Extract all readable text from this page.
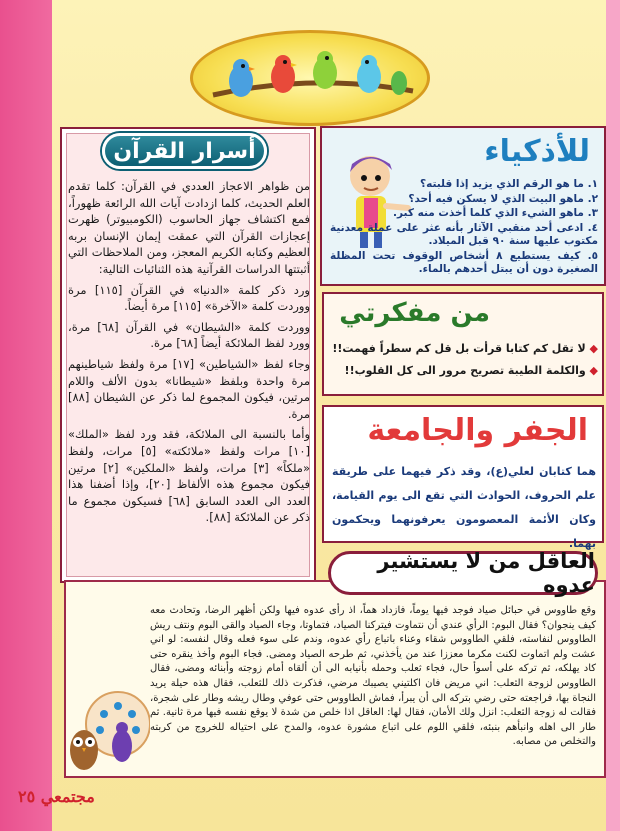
أسرار القرآن

من ظواهر الاعجاز العددي في القرآن: كلما تقدم العلم الحديث، كلما ازدادت آيات الله الرائعة ظهوراً، فمع اكتشاف جهاز الحاسوب (الكومبيوتر) ظهرت إعجازات القرآن التي عمقت إيمان الإنسان بربه العظيم وكتابه الكريم المعجز، ومن الملاحظات التي أثبتتها الدراسات القرآنية هذه الثنائيات التالية:

ورد ذكر كلمة «الدنيا» في القرآن [١١٥] مرة ووردت كلمة «الآخرة» [١١٥] مرة أيضاً.

ووردت كلمة «الشيطان» في القرآن [٦٨] مرة، وورد لفظ الملائكة أيضاً [٦٨] مرة.

وجاء لفظ «الشياطين» [١٧] مرة ولفظ شياطينهم مرة واحدة وبلفظ «شيطانا» بدون الألف واللام مرتين، فيكون المجموع لما ذكر عن الشيطان [٨٨] مرة.

وأما بالنسبة الى الملائكة، فقد ورد لفظ «الملك» [١٠] مرات ولفظ «ملائكته» [٥] مرات، ولفظ «ملكاً» [٣] مرات، ولفظ «الملكين» [٢] مرتين فيكون مجموع هذه الألفاظ [٢٠]، وإذا أضفنا هذا العدد الى العدد السابق [٦٨] فسيكون مجموع ما ذكر عن الملائكة [٨٨].

للأذكياء

١. ما هو الرقم الذي يزيد إذا قلبته؟

٢. ماهو البيت الذي لا يسكن فيه أحد؟

٣. ماهو الشيء الذي كلما أخذت منه كبر.

٤. ادعى أحد منقبي الآثار بأنه عثر على عملة معدنية مكتوب عليها سنة ٩٠ قبل الميلاد.

٥. كيف يستطيع ٨ أشخاص الوقوف تحت المظلة الصغيرة دون أن يبتل أحدهم بالماء.

من مفكرتي

◆ لا تقل كم كتابا قرأت بل قل كم سطراً فهمت!!

◆ والكلمة الطيبة تصريح مرور الى كل القلوب!!

الجفر والجامعة
هما كتابان لعلي(ع)، وقد ذكر فيهما على طريقة علم الحروف، الحوادث التي تقع الى يوم القيامة، وكان الأئمة المعصومون يعرفونهما ويحكمون بهما.
العاقل من لا يستشير عدوه
وقع طاووس في حبائل صياد فوجد فيها يوماً، فازداد هماً، اذ رأى عدوه فيها ولكن أظهر الرضا، وتحادث معه كيف ينجوان؟ فقال البوم: الرأي عندي أن نتماوت فيتركنا الصياد، فتماوتا، وجاء الصياد والقى البوم ونتف ريش الطاووس لنفاسته، فلقي الطاووس شقاء وعناء باتباع رأي عدوه، وندم على سوء فعله وقال لنفسه: لو اني عشت ولم اتماوت لكنت مكرما معززا عند من يأخذني، ثم طرحه الصياد ومضى. فجاء البوم وأخذ ينقره حتى كاد يهلكه، ثم تركه على أسوأ حال، فجاء ثعلب وحمله بأنيابه الى أن ألقاه أمام زوجته وأبنائه ومضى، فقال الطاووس لزوجة الثعلب: اني مريض فان اكلتيني يصيبك مرضي، فذكرت ذلك للثعلب، فقال هذه حيلة يريد النجاة بها، فراجعته حتى رضي بتركه الى أن يبرأ، فماش الطاووس حتى عوفي وطال ريشه وطار على شجرة، فقالت له زوجة الثعلب: انزل ولك الأمان، فقال لها: العاقل اذا خلص من شدة لا يوقع نفسه فيها مرة ثانية. ثم طار الى اهله وانبأهم بنبئه، فلقي اللوم على اتباع مشورة عدوه، والمدح على احتياله للخروج من كربته والتخلص من مصابه.
مجتمعي ٢٥
